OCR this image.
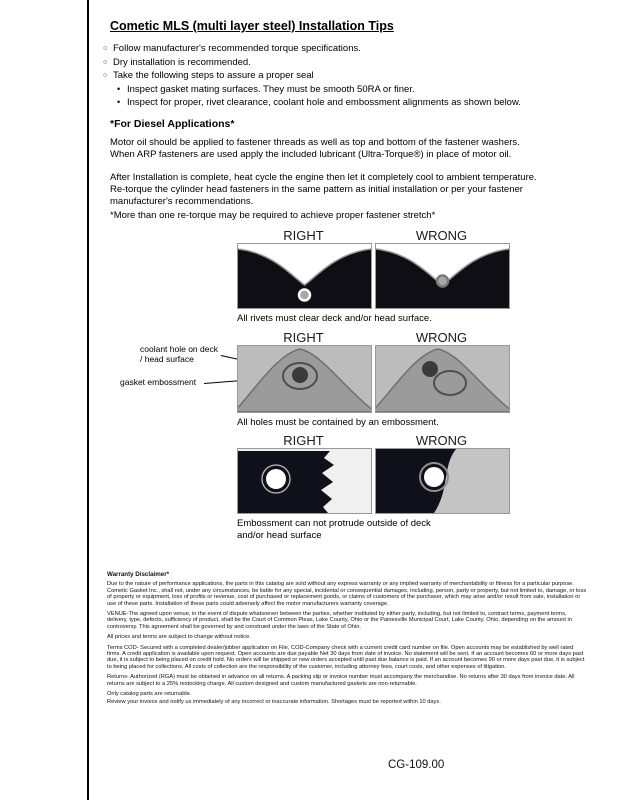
Cometic MLS (multi layer steel) Installation Tips
○ Follow manufacturer's recommended torque specifications.
○ Dry installation is recommended.
○ Take the following steps to assure a proper seal
• Inspect gasket mating surfaces. They must be smooth 50RA or finer.
• Inspect for proper, rivet clearance, coolant hole and embossment alignments as shown below.
*For Diesel Applications*
Motor oil should be applied to fastener threads as well as top and bottom of the fastener washers. When ARP fasteners are used apply the included lubricant (Ultra-Torque®) in place of motor oil.
After Installation is complete, heat cycle the engine then let it completely cool to ambient temperature. Re-torque the cylinder head fasteners in the same pattern as initial installation or per your fastener manufacturer's recommendations.
*More than one re-torque may be required to achieve proper fastener stretch*
RIGHT	WRONG
All rivets must clear deck and/or head surface.
RIGHT	WRONG
coolant hole on deck / head surface
gasket embossment
All holes must be contained by an embossment.
RIGHT	WRONG
Embossment can not protrude outside of deck and/or head surface

Warranty Disclaimer*

Due to the nature of performance applications, the parts in this catalog are sold without any express warranty or any implied warranty of merchantability or fitness for a particular purpose. Cometic Gasket Inc., shall not, under any circumstances, be liable for any special, incidental or consequential damages, including, person, party or property, but not limited to, damage, or loss of property or equipment, loss of profits or revenue, cost of purchased or replacement goods, or claims of customers of the purchaser, which may arise and/or result from sale, installation or use of these parts. Installation of these parts could adversely affect the motor manufacturers warranty coverage.

VENUE-The agreed upon venue, in the event of dispute whatsoever between the parties, whether instituted by either party, including, but not limited to, contract terms, payment terms, delivery, type, defects, sufficiency of product, shall be the Court of Common Pleas, Lake County, Ohio or the Painesville Municipal Court, Lake County, Ohio, depending on the amount in controversy. This agreement shall be governed by and construed under the laws of the State of Ohio.

All prices and terms are subject to change without notice.

Terms COD- Secured with a completed dealer/jobber application on File, COD-Company check with a current credit card number on file. Open accounts may be established by well rated firms. A credit application is available upon request. Open accounts are due payable Net 30 days from date of invoice. No statement will be sent. If an account becomes 60 or more days past due, it is subject to being placed on credit hold. No orders will be shipped or new orders accepted until past due balance is paid. If an account becomes 90 or more days past due, it is subject to being placed for collections. All costs of collection are the responsibility of the customer, including attorney fees, court costs, and other expenses of litigation.

Returns- Authorized (RGA) must be obtained in advance on all returns. A packing slip or invoice number must accompany the merchandise. No returns after 30 days from invoice date. All returns are subject to a 25% restocking charge. All custom designed and custom manufactured gaskets are non-returnable.

Only catalog parts are returnable.

Review your invoice and notify us immediately of any incorrect or inaccurate information. Shortages must be reported within 10 days.

CG-109.00
